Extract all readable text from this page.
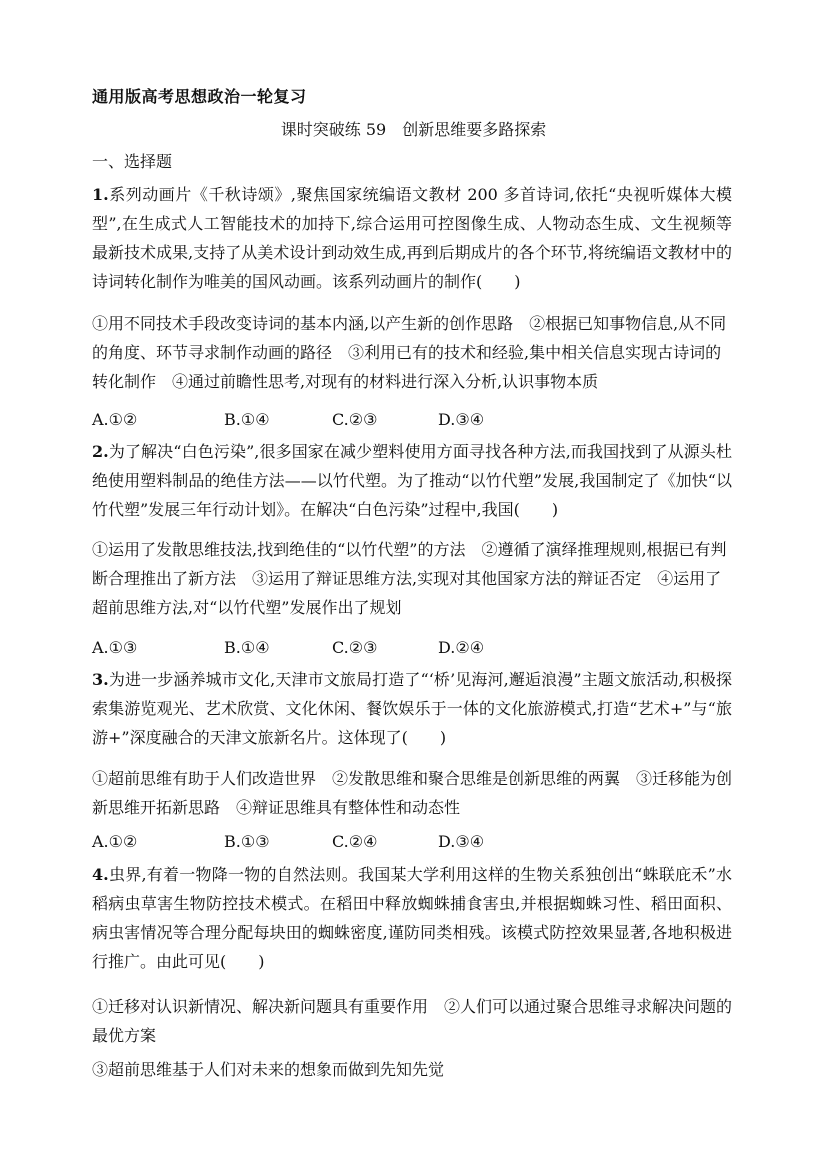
通用版高考思想政治一轮复习
课时突破练 59　创新思维要多路探索
一、选择题

1.系列动画片《千秋诗颂》,聚焦国家统编语文教材 200 多首诗词,依托“央视听媒体大模型”,在生成式人工智能技术的加持下,综合运用可控图像生成、人物动态生成、文生视频等最新技术成果,支持了从美术设计到动效生成,再到后期成片的各个环节,将统编语文教材中的诗词转化制作为唯美的国风动画。该系列动画片的制作(　　)

①用不同技术手段改变诗词的基本内涵,以产生新的创作思路　②根据已知事物信息,从不同的角度、环节寻求制作动画的路径　③利用已有的技术和经验,集中相关信息实现古诗词的转化制作　④通过前瞻性思考,对现有的材料进行深入分析,认识事物本质
A.①②	B.①④	C.②③	D.③④

2.为了解决“白色污染”,很多国家在减少塑料使用方面寻找各种方法,而我国找到了从源头杜绝使用塑料制品的绝佳方法——以竹代塑。为了推动“以竹代塑”发展,我国制定了《加快“以竹代塑”发展三年行动计划》。在解决“白色污染”过程中,我国(　　)

①运用了发散思维技法,找到绝佳的“以竹代塑”的方法　②遵循了演绎推理规则,根据已有判断合理推出了新方法　③运用了辩证思维方法,实现对其他国家方法的辩证否定　④运用了超前思维方法,对“以竹代塑”发展作出了规划
A.①③	B.①④	C.②③	D.②④

3.为进一步涵养城市文化,天津市文旅局打造了“‘桥’见海河,邂逅浪漫”主题文旅活动,积极探索集游览观光、艺术欣赏、文化休闲、餐饮娱乐于一体的文化旅游模式,打造“艺术+”与“旅游+”深度融合的天津文旅新名片。这体现了(　　)

①超前思维有助于人们改造世界　②发散思维和聚合思维是创新思维的两翼　③迁移能为创新思维开拓新思路　④辩证思维具有整体性和动态性
A.①②	B.①③	C.②④	D.③④

4.虫界,有着一物降一物的自然法则。我国某大学利用这样的生物关系独创出“蛛联庇禾”水稻病虫草害生物防控技术模式。在稻田中释放蜘蛛捕食害虫,并根据蜘蛛习性、稻田面积、病虫害情况等合理分配每块田的蜘蛛密度,谨防同类相残。该模式防控效果显著,各地积极进行推广。由此可见(　　)

①迁移对认识新情况、解决新问题具有重要作用　②人们可以通过聚合思维寻求解决问题的最优方案
③超前思维基于人们对未来的想象而做到先知先觉
